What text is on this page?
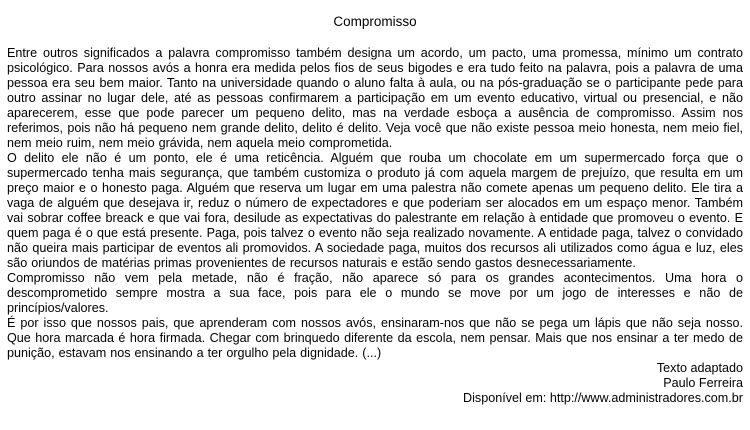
Compromisso

Entre outros significados a palavra compromisso também designa um acordo, um pacto, uma promessa, mínimo um contrato psicológico. Para nossos avós a honra era medida pelos fios de seus bigodes e era tudo feito na palavra, pois a palavra de uma pessoa era seu bem maior. Tanto na universidade quando o aluno falta à aula, ou na pós-graduação se o participante pede para outro assinar no lugar dele, até as pessoas confirmarem a participação em um evento educativo, virtual ou presencial, e não aparecerem, esse que pode parecer um pequeno delito, mas na verdade esboça a ausência de compromisso. Assim nos referimos, pois não há pequeno nem grande delito, delito é delito. Veja você que não existe pessoa meio honesta, nem meio fiel, nem meio ruim, nem meio grávida, nem aquela meio comprometida.

O delito ele não é um ponto, ele é uma reticência. Alguém que rouba um chocolate em um supermercado força que o supermercado tenha mais segurança, que também customiza o produto já com aquela margem de prejuízo, que resulta em um preço maior e o honesto paga. Alguém que reserva um lugar em uma palestra não comete apenas um pequeno delito. Ele tira a vaga de alguém que desejava ir, reduz o número de expectadores e que poderiam ser alocados em um espaço menor. Também vai sobrar coffee breack e que vai fora, desilude as expectativas do palestrante em relação à entidade que promoveu o evento. E quem paga é o que está presente. Paga, pois talvez o evento não seja realizado novamente. A entidade paga, talvez o convidado não queira mais participar de eventos ali promovidos. A sociedade paga, muitos dos recursos ali utilizados como água e luz, eles são oriundos de matérias primas provenientes de recursos naturais e estão sendo gastos desnecessariamente.

Compromisso não vem pela metade, não é fração, não aparece só para os grandes acontecimentos. Uma hora o descomprometido sempre mostra a sua face, pois para ele o mundo se move por um jogo de interesses e não de princípios/valores.

É por isso que nossos pais, que aprenderam com nossos avós, ensinaram-nos que não se pega um lápis que não seja nosso. Que hora marcada é hora firmada. Chegar com brinquedo diferente da escola, nem pensar. Mais que nos ensinar a ter medo de punição, estavam nos ensinando a ter orgulho pela dignidade. (...)

Texto adaptado
Paulo Ferreira
Disponível em: http://www.administradores.com.br
